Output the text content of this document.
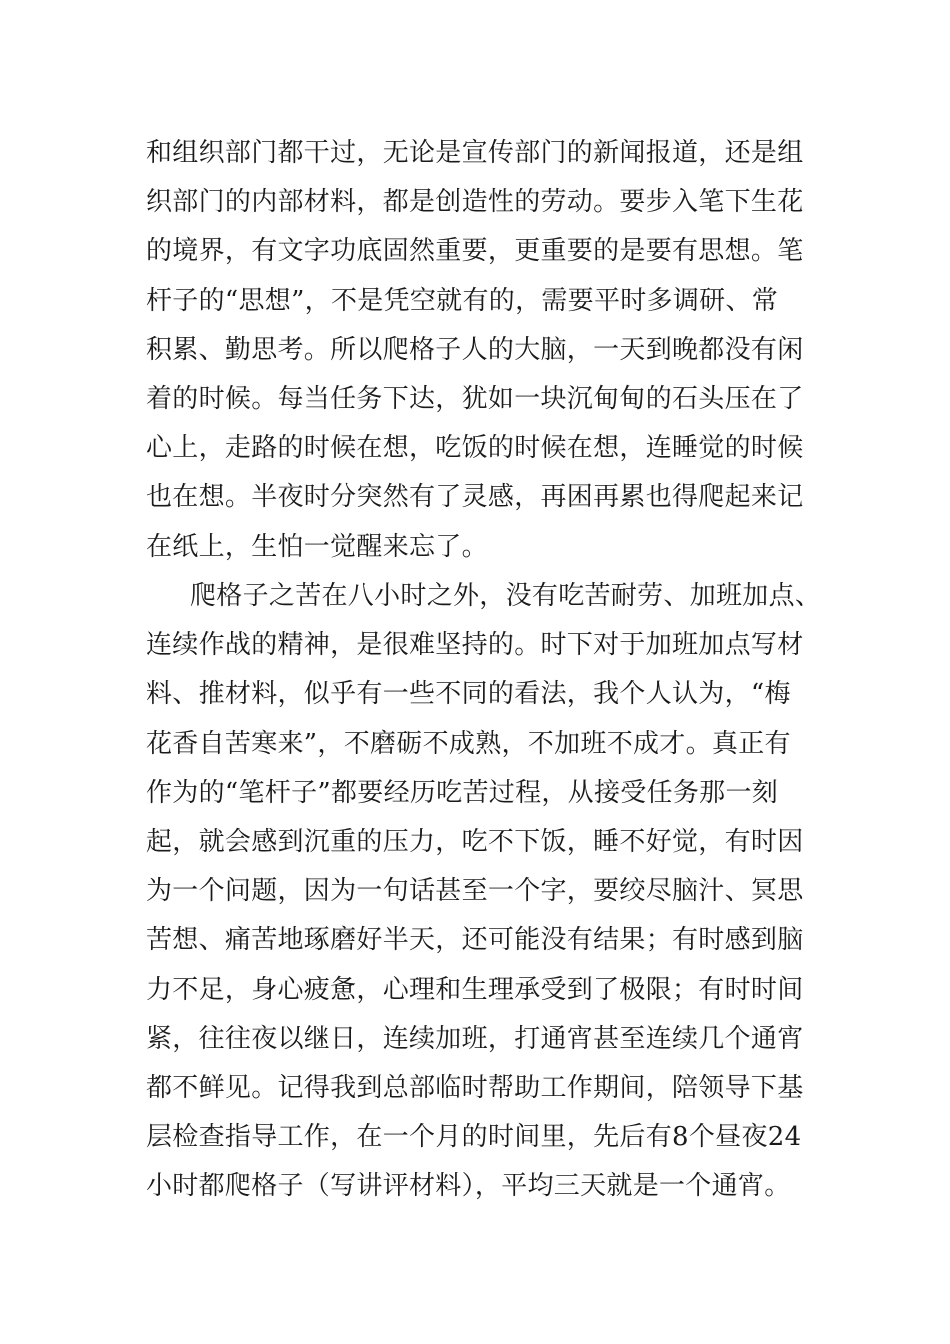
和组织部门都干过，无论是宣传部门的新闻报道，还是组
织部门的内部材料，都是创造性的劳动。要步入笔下生花
的境界，有文字功底固然重要，更重要的是要有思想。笔
杆子的“思想”，不是凭空就有的，需要平时多调研、常
积累、勤思考。所以爬格子人的大脑，一天到晚都没有闲
着的时候。每当任务下达，犹如一块沉甸甸的石头压在了
心上，走路的时候在想，吃饭的时候在想，连睡觉的时候
也在想。半夜时分突然有了灵感，再困再累也得爬起来记
在纸上，生怕一觉醒来忘了。
爬格子之苦在八小时之外，没有吃苦耐劳、加班加点、
连续作战的精神，是很难坚持的。时下对于加班加点写材
料、推材料，似乎有一些不同的看法，我个人认为，“梅
花香自苦寒来”，不磨砺不成熟，不加班不成才。真正有
作为的“笔杆子”都要经历吃苦过程，从接受任务那一刻
起，就会感到沉重的压力，吃不下饭，睡不好觉，有时因
为一个问题，因为一句话甚至一个字，要绞尽脑汁、冥思
苦想、痛苦地琢磨好半天，还可能没有结果；有时感到脑
力不足，身心疲惫，心理和生理承受到了极限；有时时间
紧，往往夜以继日，连续加班，打通宵甚至连续几个通宵
都不鲜见。记得我到总部临时帮助工作期间，陪领导下基
层检查指导工作，在一个月的时间里，先后有8个昼夜24
小时都爬格子（写讲评材料），平均三天就是一个通宵。
